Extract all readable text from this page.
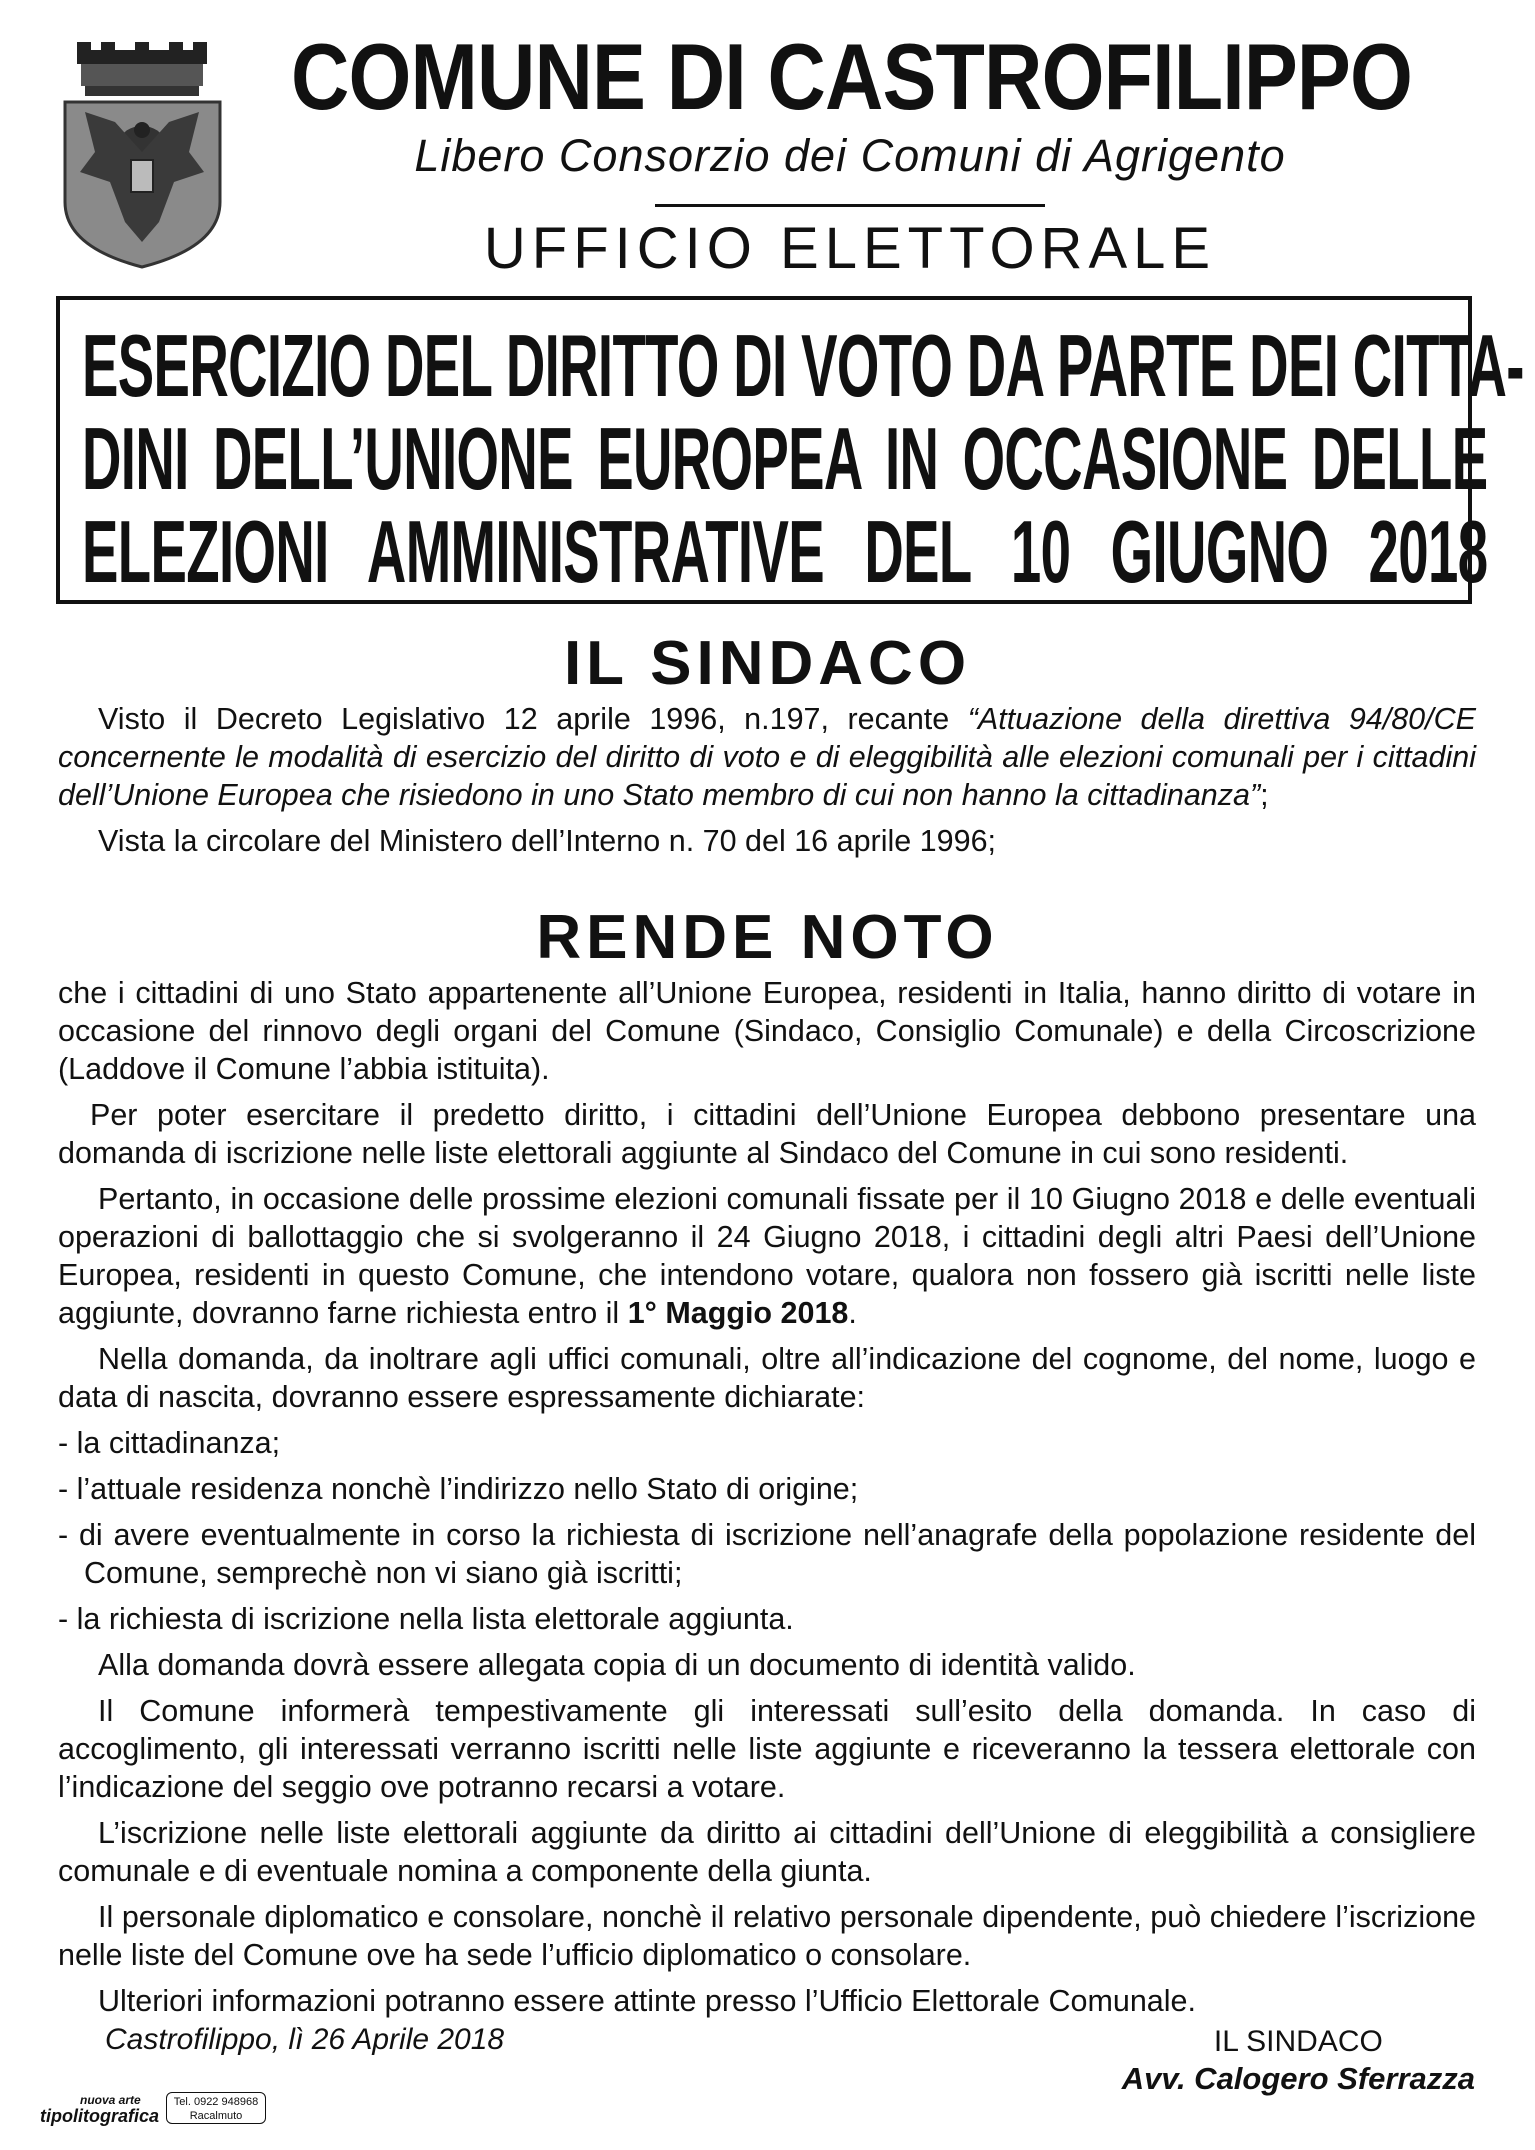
COMUNE DI CASTROFILIPPO
Libero Consorzio dei Comuni di Agrigento
UFFICIO ELETTORALE
ESERCIZIO DEL DIRITTO DI VOTO DA PARTE DEI CITTA-
DINI DELL’UNIONE EUROPEA IN OCCASIONE DELLE
ELEZIONI AMMINISTRATIVE DEL 10 GIUGNO 2018
IL SINDACO

Visto il Decreto Legislativo 12 aprile 1996, n.197, recante “Attuazione della direttiva 94/80/CE concernente le modalità di esercizio del diritto di voto e di eleggibilità alle elezioni comunali per i cittadini dell’Unione Europea che risiedono in uno Stato membro di cui non hanno la cittadinanza”;

Vista la circolare del Ministero dell’Interno n. 70 del 16 aprile 1996;

RENDE NOTO

che i cittadini di uno Stato appartenente all’Unione Europea, residenti in Italia, hanno diritto di votare in occasione del rinnovo degli organi del Comune (Sindaco, Consiglio Comunale) e della Circoscrizione (Laddove il Comune l’abbia istituita).

Per poter esercitare il predetto diritto, i cittadini dell’Unione Europea debbono presentare una domanda di iscrizione nelle liste elettorali aggiunte al Sindaco del Comune in cui sono residenti.

Pertanto, in occasione delle prossime elezioni comunali fissate per il 10 Giugno 2018 e delle eventuali operazioni di ballottaggio che si svolgeranno il 24 Giugno 2018, i cittadini degli altri Paesi dell’Unione Europea, residenti in questo Comune, che intendono votare, qualora non fossero già iscritti nelle liste aggiunte, dovranno farne richiesta entro il 1° Maggio 2018.

Nella domanda, da inoltrare agli uffici comunali, oltre all’indicazione del cognome, del nome, luogo e data di nascita, dovranno essere espressamente dichiarate:

- la cittadinanza;
- l’attuale residenza nonchè l’indirizzo nello Stato di origine;
- di avere eventualmente in corso la richiesta di iscrizione nell’anagrafe della popolazione residente del Comune, semprechè non vi siano già iscritti;
- la richiesta di iscrizione nella lista elettorale aggiunta.

Alla domanda dovrà essere allegata copia di un documento di identità valido.

Il Comune informerà tempestivamente gli interessati sull’esito della domanda. In caso di accoglimento, gli interessati verranno iscritti nelle liste aggiunte e riceveranno la tessera elettorale con l’indicazione del seggio ove potranno recarsi a votare.

L’iscrizione nelle liste elettorali aggiunte da diritto ai cittadini dell’Unione di eleggibilità a consigliere comunale e di eventuale nomina a componente della giunta.

Il personale diplomatico e consolare, nonchè il relativo personale dipendente, può chiedere l’iscrizione nelle liste del Comune ove ha sede l’ufficio diplomatico o consolare.

Ulteriori informazioni potranno essere attinte presso l’Ufficio Elettorale Comunale.

Castrofilippo, lì 26 Aprile 2018	IL SINDACO
Avv. Calogero Sferrazza
nuova arte
tipolitografica
Tel. 0922 948968
Racalmuto
